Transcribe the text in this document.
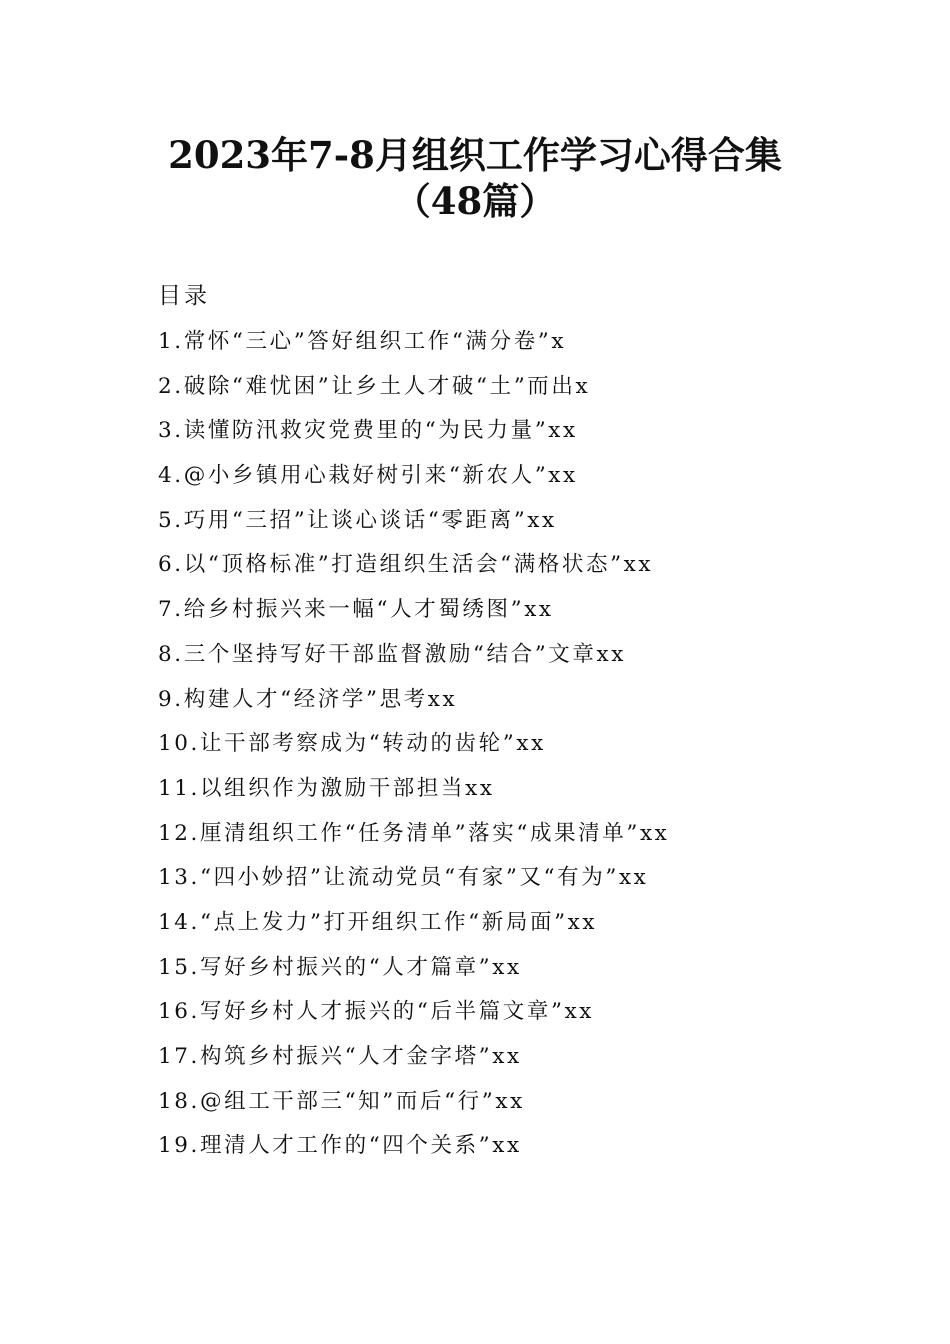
2023年7-8月组织工作学习心得合集（48篇）
目录
1.常怀“三心”答好组织工作“满分卷”x
2.破除“难忧困”让乡土人才破“土”而出x
3.读懂防汛救灾党费里的“为民力量”xx
4.@小乡镇用心栽好树引来“新农人”xx
5.巧用“三招”让谈心谈话“零距离”xx
6.以“顶格标准”打造组织生活会“满格状态”xx
7.给乡村振兴来一幅“人才蜀绣图”xx
8.三个坚持写好干部监督激励“结合”文章xx
9.构建人才“经济学”思考xx
10.让干部考察成为“转动的齿轮”xx
11.以组织作为激励干部担当xx
12.厘清组织工作“任务清单”落实“成果清单”xx
13.“四小妙招”让流动党员“有家”又“有为”xx
14.“点上发力”打开组织工作“新局面”xx
15.写好乡村振兴的“人才篇章”xx
16.写好乡村人才振兴的“后半篇文章”xx
17.构筑乡村振兴“人才金字塔”xx
18.@组工干部三“知”而后“行”xx
19.理清人才工作的“四个关系”xx
